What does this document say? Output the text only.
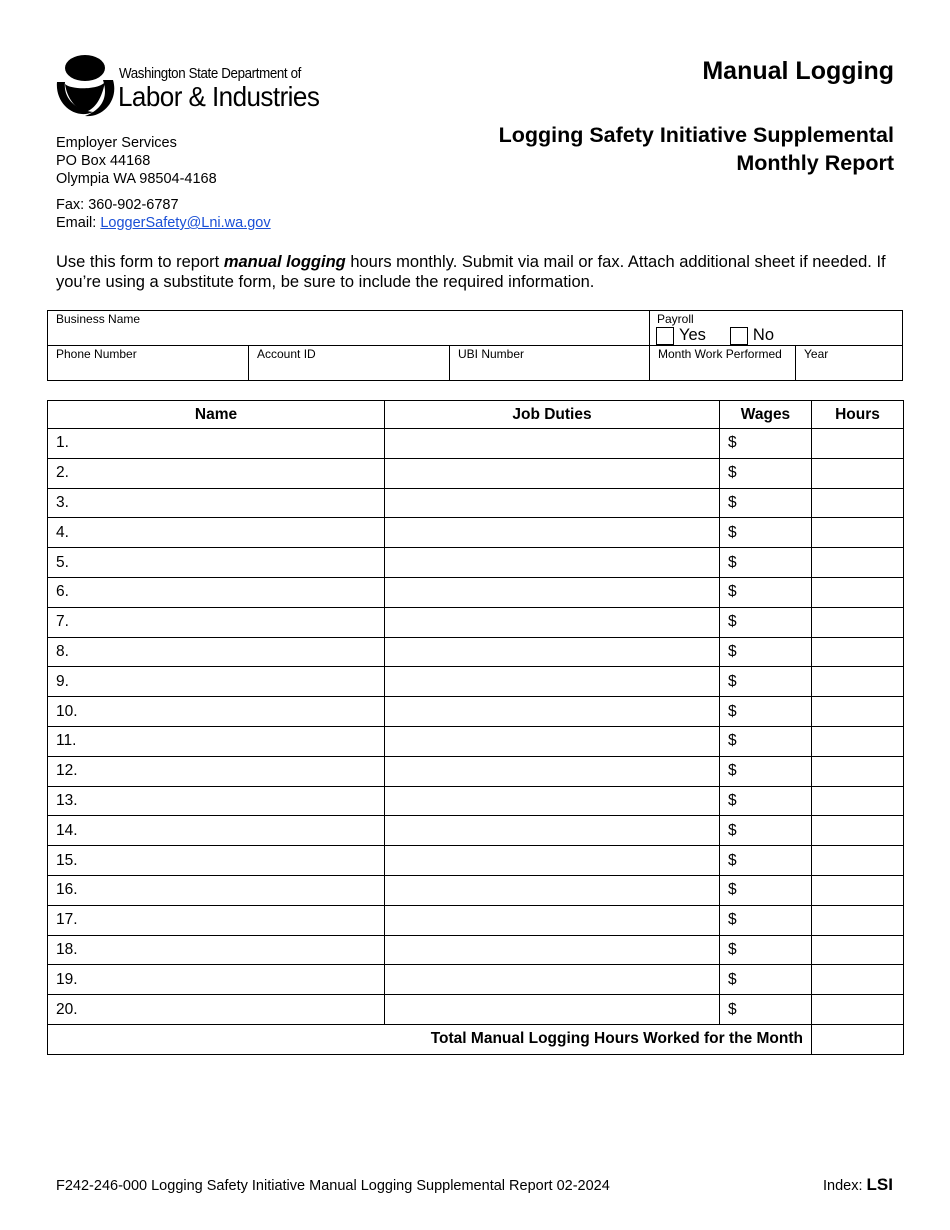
Washington State Department of
Labor & Industries
Manual Logging
Logging Safety Initiative Supplemental
Monthly Report
Employer Services
PO Box 44168
Olympia WA 98504-4168
Fax: 360-902-6787
Email: LoggerSafety@Lni.wa.gov
Use this form to report manual logging hours monthly. Submit via mail or fax. Attach additional sheet if needed. If you’re using a substitute form, be sure to include the required information.
Business Name	Payroll
Yes	No
Phone Number	Account ID	UBI Number	Month Work Performed	Year
Name	Job Duties	Wages	Hours
1.		$	
2.		$	
3.		$	
4.		$	
5.		$	
6.		$	
7.		$	
8.		$	
9.		$	
10.		$	
11.		$	
12.		$	
13.		$	
14.		$	
15.		$	
16.		$	
17.		$	
18.		$	
19.		$	
20.		$	
Total Manual Logging Hours Worked for the Month			
F242-246-000 Logging Safety Initiative Manual Logging Supplemental Report 02-2024	Index: LSI
